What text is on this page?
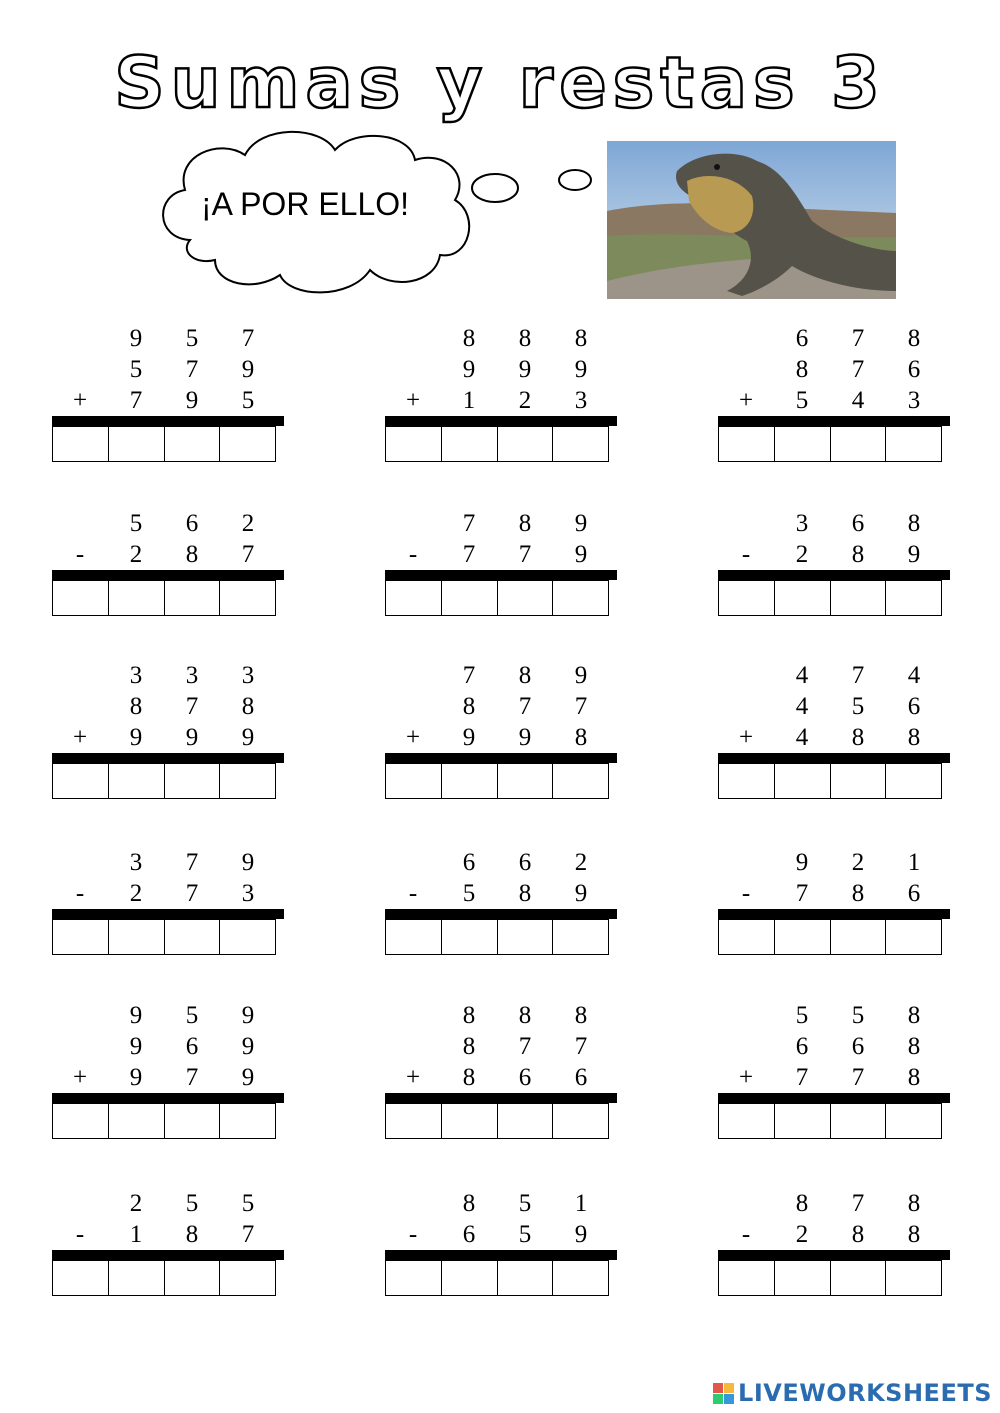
Sumas y restas 3
¡A POR ELLO!
9 5 7
5 7 9
+ 7 9 5
8 8 8
9 9 9
+ 1 2 3
6 7 8
8 7 6
+ 5 4 3
5 6 2
-	2 8 7
7 8 9
-	7 7 9
3 6 8
-	2 8 9
3 3 3
8 7 8
+ 9 9 9
7 8 9
8 7 7
+ 9 9 8
4 7 4
4 5 6
+ 4 8 8
3 7 9
-	2 7 3
6 6 2
-	5 8 9
9 2 1
-	7 8 6
9 5 9
9 6 9
+ 9 7 9
8 8 8
8 7 7
+ 8 6 6
5 5 8
6 6 8
+ 7 7 8
2 5 5
-	1 8 7
8 5 1
-	6 5 9
8 7 8
-	2 8 8
LIVEWORKSHEETS
